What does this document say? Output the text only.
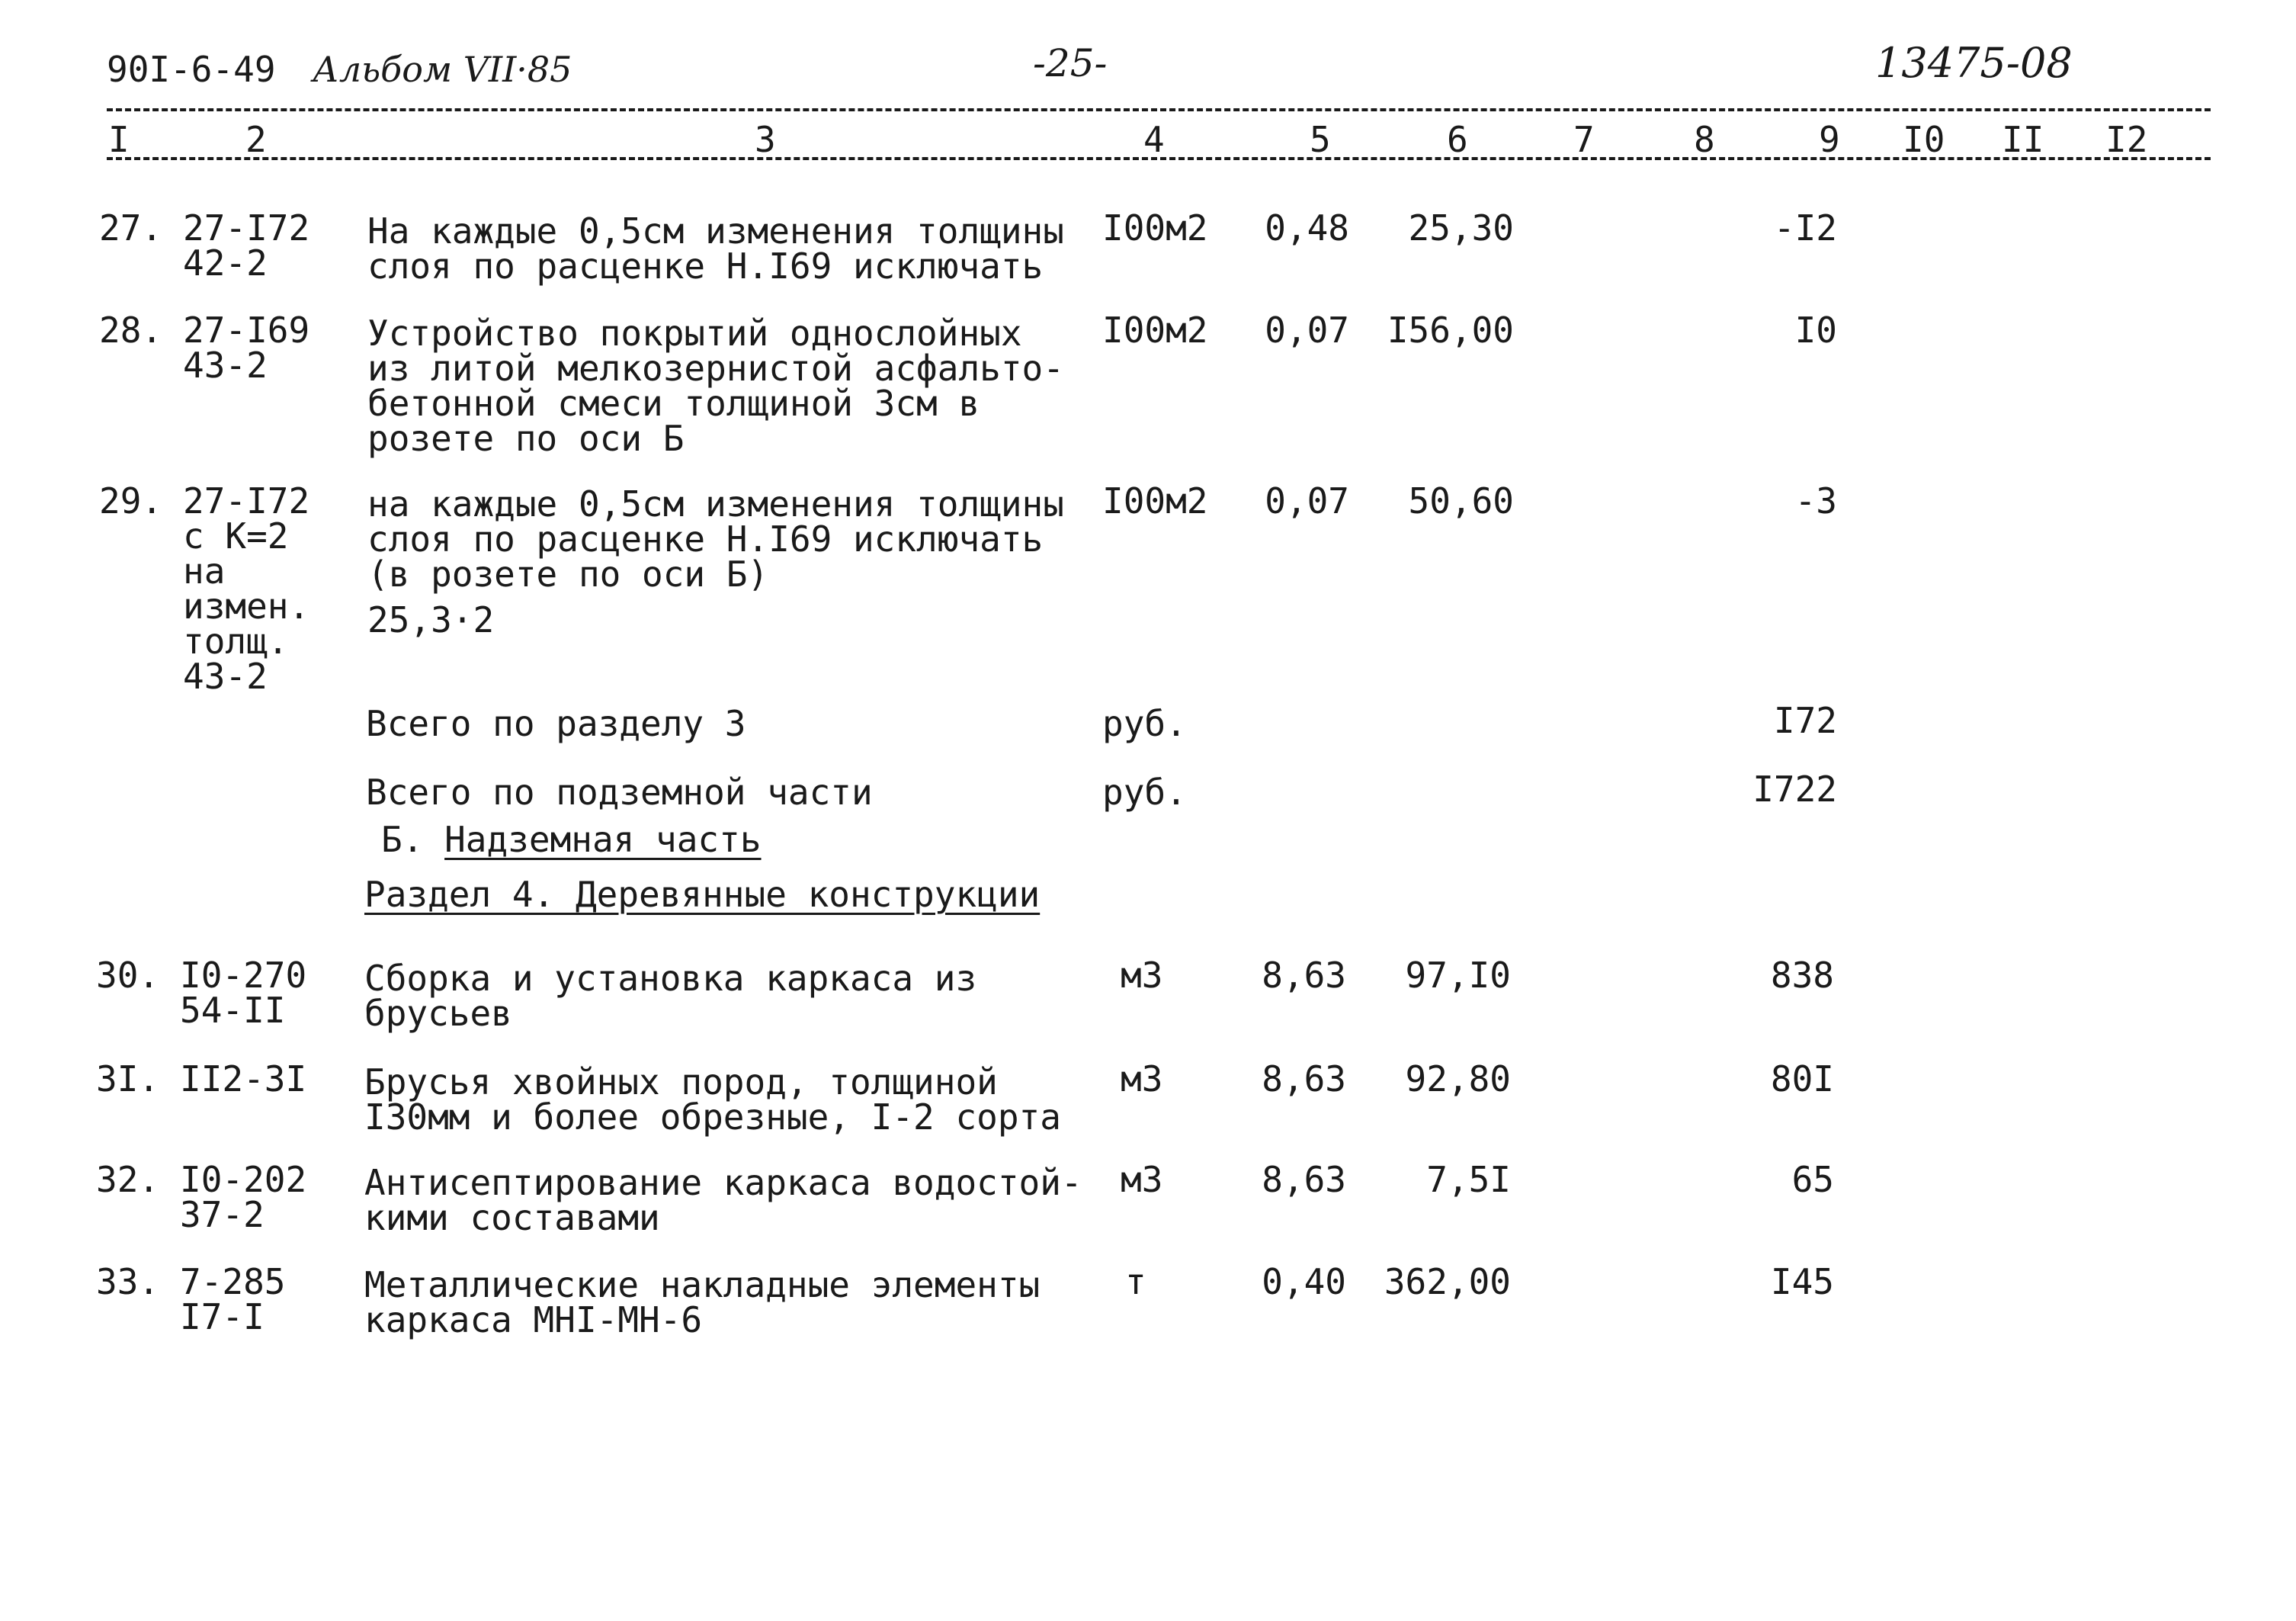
90I-6-49 Альбом VII·85	-25-	13475-08
I	2	3	4	5	6	7	8	9 I0 II I2
27. 27-I72
42-2
На каждые 0,5см изменения толщины
слоя по расценке Н.I69 исключать
I00м2	0,48	25,30	-I2
28. 27-I69
43-2
Устройство покрытий однослойных
из литой мелкозернистой асфальто-
бетонной смеси толщиной 3см в
розете по оси Б
I00м2	0,07	I56,00	I0
29. 27-I72
с К=2
на
измен.
толщ.
43-2
на каждые 0,5см изменения толщины
слоя по расценке Н.I69 исключать
(в розете по оси Б)
25,3·2
I00м2	0,07	50,60	-3
Всего по разделу 3	руб.	I72
Всего по подземной части	руб.	I722
Б. Надземная часть
Раздел 4. Деревянные конструкции
30. I0-270
54-II
Сборка и установка каркаса из
брусьев
м3	8,63	97,I0	838
3I. II2-3I Брусья хвойных пород, толщиной
I30мм и более обрезные, I-2 сорта
м3	8,63	92,80	80I
32. I0-202
37-2
Антисептирование каркаса водостой-
кими составами
м3	8,63	7,5I	65
33. 7-285
I7-I
Металлические накладные элементы
каркаса МНI-МН-6
т	0,40	362,00	I45
